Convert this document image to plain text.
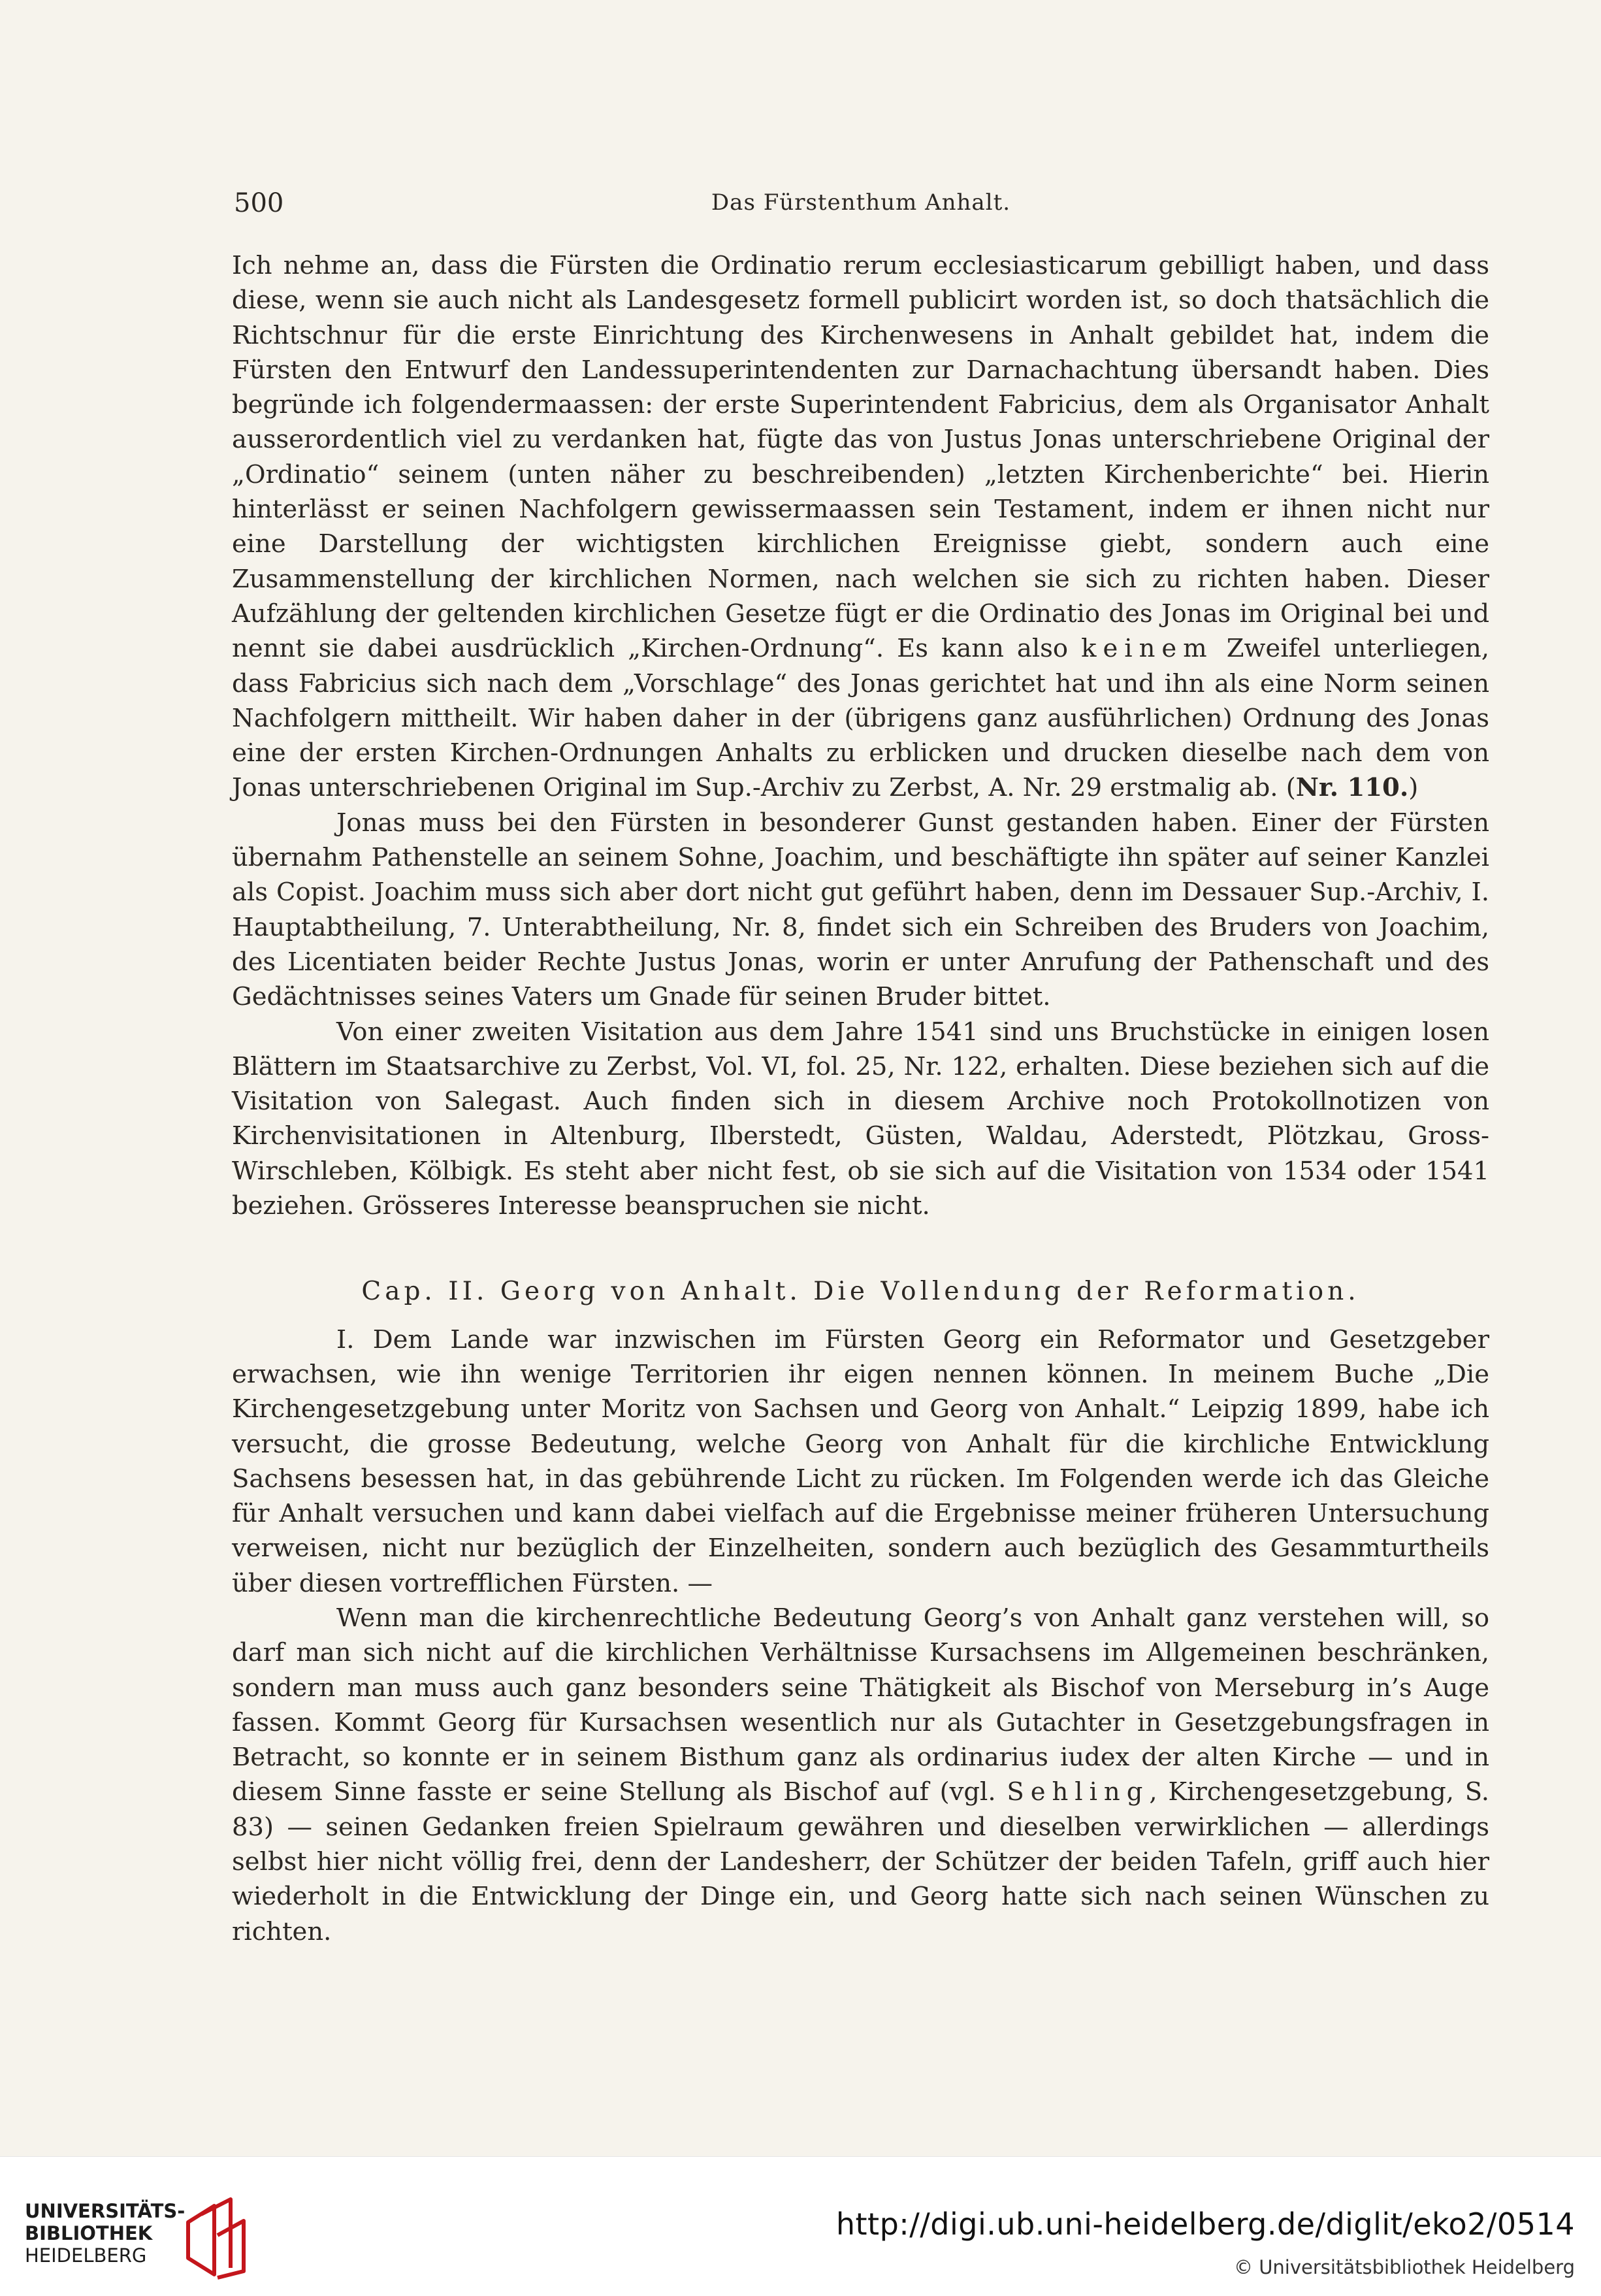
500	Das Fürstenthum Anhalt.

Ich nehme an, dass die Fürsten die Ordinatio rerum ecclesiasticarum gebilligt haben, und dass diese, wenn sie auch nicht als Landesgesetz formell publicirt worden ist, so doch thatsächlich die Richtschnur für die erste Einrichtung des Kirchenwesens in Anhalt gebildet hat, indem die Fürsten den Entwurf den Landessuperintendenten zur Darnachachtung übersandt haben. Dies begründe ich folgendermaassen: der erste Superintendent Fabricius, dem als Organisator Anhalt ausserordentlich viel zu verdanken hat, fügte das von Justus Jonas unterschriebene Original der „Ordinatio“ seinem (unten näher zu beschreibenden) „letzten Kirchenberichte“ bei. Hierin hinterlässt er seinen Nachfolgern gewissermaassen sein Testament, indem er ihnen nicht nur eine Darstellung der wichtigsten kirchlichen Ereignisse giebt, sondern auch eine Zusammenstellung der kirchlichen Normen, nach welchen sie sich zu richten haben. Dieser Aufzählung der geltenden kirchlichen Gesetze fügt er die Ordinatio des Jonas im Original bei und nennt sie dabei ausdrücklich „Kirchen-Ordnung“. Es kann also keinem Zweifel unterliegen, dass Fabricius sich nach dem „Vorschlage“ des Jonas gerichtet hat und ihn als eine Norm seinen Nachfolgern mittheilt. Wir haben daher in der (übrigens ganz ausführlichen) Ordnung des Jonas eine der ersten Kirchen-Ordnungen Anhalts zu erblicken und drucken dieselbe nach dem von Jonas unterschriebenen Original im Sup.-Archiv zu Zerbst, A. Nr. 29 erstmalig ab. (Nr. 110.)

Jonas muss bei den Fürsten in besonderer Gunst gestanden haben. Einer der Fürsten übernahm Pathenstelle an seinem Sohne, Joachim, und beschäftigte ihn später auf seiner Kanzlei als Copist. Joachim muss sich aber dort nicht gut geführt haben, denn im Dessauer Sup.-Archiv, I. Hauptabtheilung, 7. Unterabtheilung, Nr. 8, findet sich ein Schreiben des Bruders von Joachim, des Licentiaten beider Rechte Justus Jonas, worin er unter Anrufung der Pathenschaft und des Gedächtnisses seines Vaters um Gnade für seinen Bruder bittet.

Von einer zweiten Visitation aus dem Jahre 1541 sind uns Bruchstücke in einigen losen Blättern im Staatsarchive zu Zerbst, Vol. VI, fol. 25, Nr. 122, erhalten. Diese beziehen sich auf die Visitation von Salegast. Auch finden sich in diesem Archive noch Protokollnotizen von Kirchenvisitationen in Altenburg, Ilberstedt, Güsten, Waldau, Aderstedt, Plötzkau, Gross-Wirschleben, Kölbigk. Es steht aber nicht fest, ob sie sich auf die Visitation von 1534 oder 1541 beziehen. Grösseres Interesse beanspruchen sie nicht.

Cap. II. Georg von Anhalt. Die Vollendung der Reformation.

I. Dem Lande war inzwischen im Fürsten Georg ein Reformator und Gesetzgeber erwachsen, wie ihn wenige Territorien ihr eigen nennen können. In meinem Buche „Die Kirchengesetzgebung unter Moritz von Sachsen und Georg von Anhalt.“ Leipzig 1899, habe ich versucht, die grosse Bedeutung, welche Georg von Anhalt für die kirchliche Entwicklung Sachsens besessen hat, in das gebührende Licht zu rücken. Im Folgenden werde ich das Gleiche für Anhalt versuchen und kann dabei vielfach auf die Ergebnisse meiner früheren Untersuchung verweisen, nicht nur bezüglich der Einzelheiten, sondern auch bezüglich des Gesammturtheils über diesen vortrefflichen Fürsten. —

Wenn man die kirchenrechtliche Bedeutung Georg’s von Anhalt ganz verstehen will, so darf man sich nicht auf die kirchlichen Verhältnisse Kursachsens im Allgemeinen beschränken, sondern man muss auch ganz besonders seine Thätigkeit als Bischof von Merseburg in’s Auge fassen. Kommt Georg für Kursachsen wesentlich nur als Gutachter in Gesetzgebungsfragen in Betracht, so konnte er in seinem Bisthum ganz als ordinarius iudex der alten Kirche — und in diesem Sinne fasste er seine Stellung als Bischof auf (vgl. Sehling, Kirchengesetzgebung, S. 83) — seinen Gedanken freien Spielraum gewähren und dieselben verwirklichen — allerdings selbst hier nicht völlig frei, denn der Landesherr, der Schützer der beiden Tafeln, griff auch hier wiederholt in die Entwicklung der Dinge ein, und Georg hatte sich nach seinen Wünschen zu richten.

UNIVERSITÄTS-
BIBLIOTHEK
HEIDELBERG
http://digi.ub.uni-heidelberg.de/diglit/eko2/0514
© Universitätsbibliothek Heidelberg
